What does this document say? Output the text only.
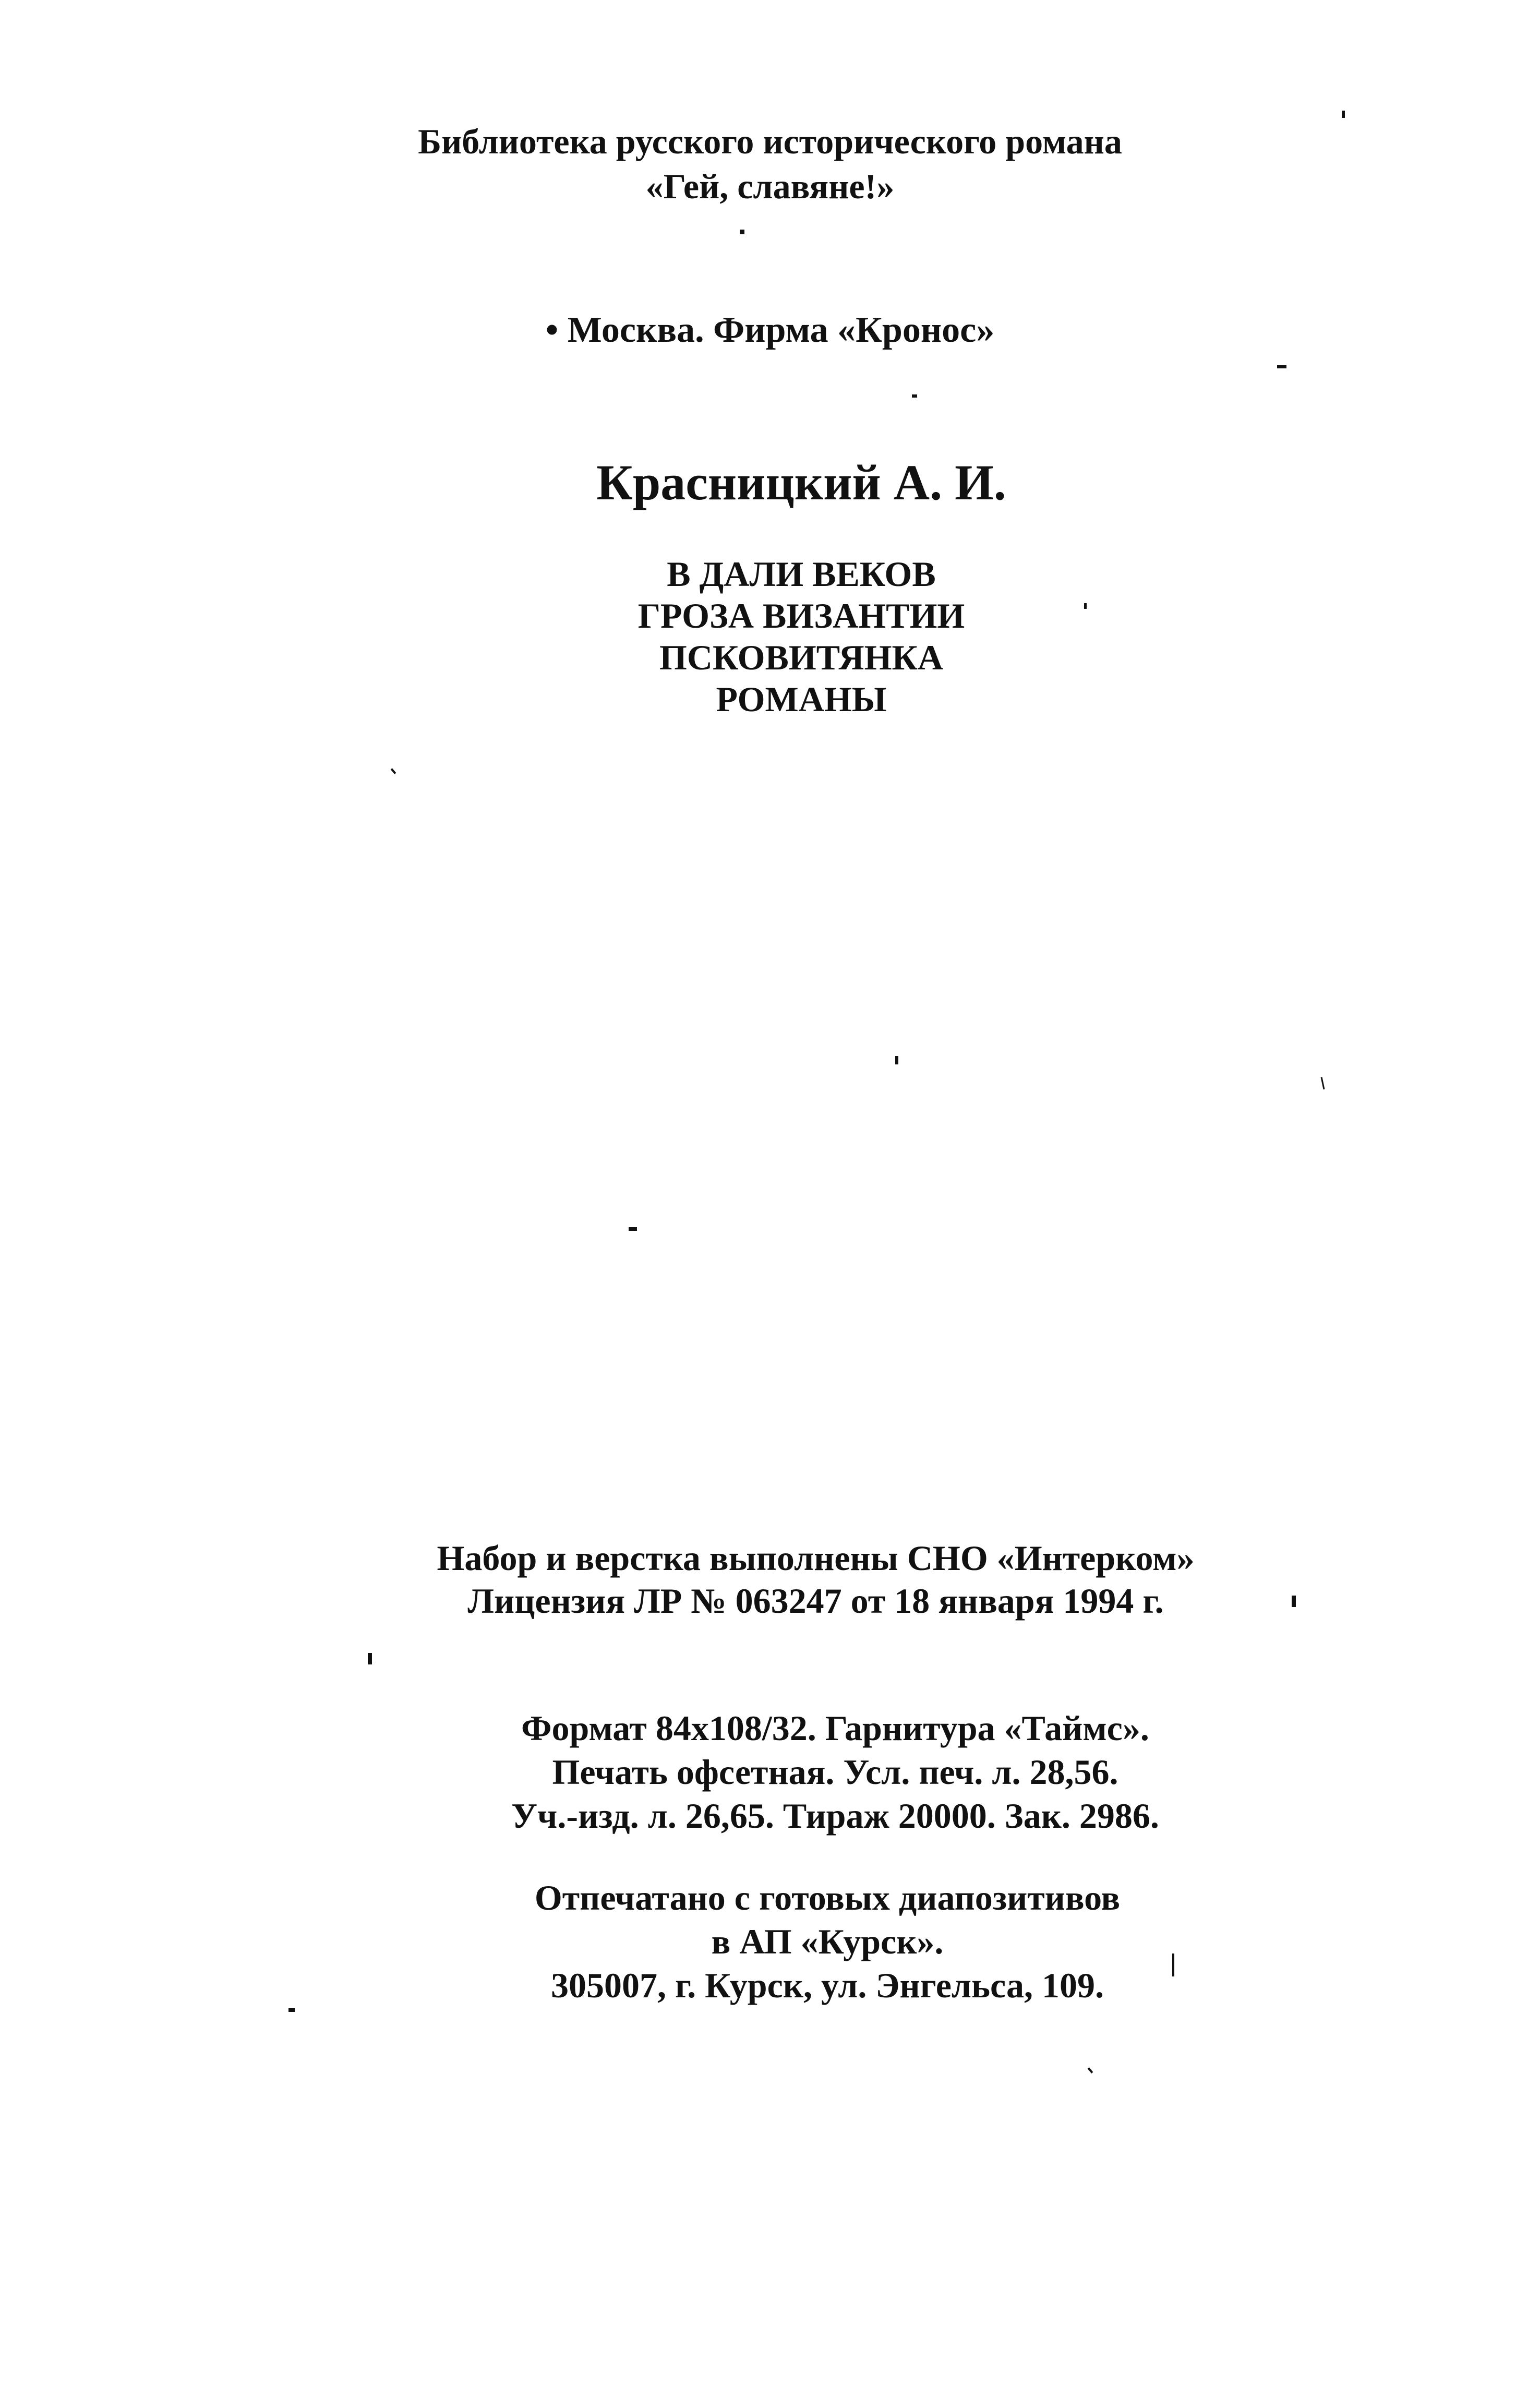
Библиотека русского исторического романа
«Гей, славяне!»
• Москва. Фирма «Кронос»
Красницкий А. И.
В ДАЛИ ВЕКОВ
ГРОЗА ВИЗАНТИИ
ПСКОВИТЯНКА
РОМАНЫ
Набор и верстка выполнены СНО «Интерком»
Лицензия ЛР № 063247 от 18 января 1994 г.
Формат 84x108/32. Гарнитура «Таймс».
Печать офсетная. Усл. печ. л. 28,56.
Уч.-изд. л. 26,65. Тираж 20000. Зак. 2986.
Отпечатано с готовых диапозитивов
в АП «Курск».
305007, г. Курск, ул. Энгельса, 109.
